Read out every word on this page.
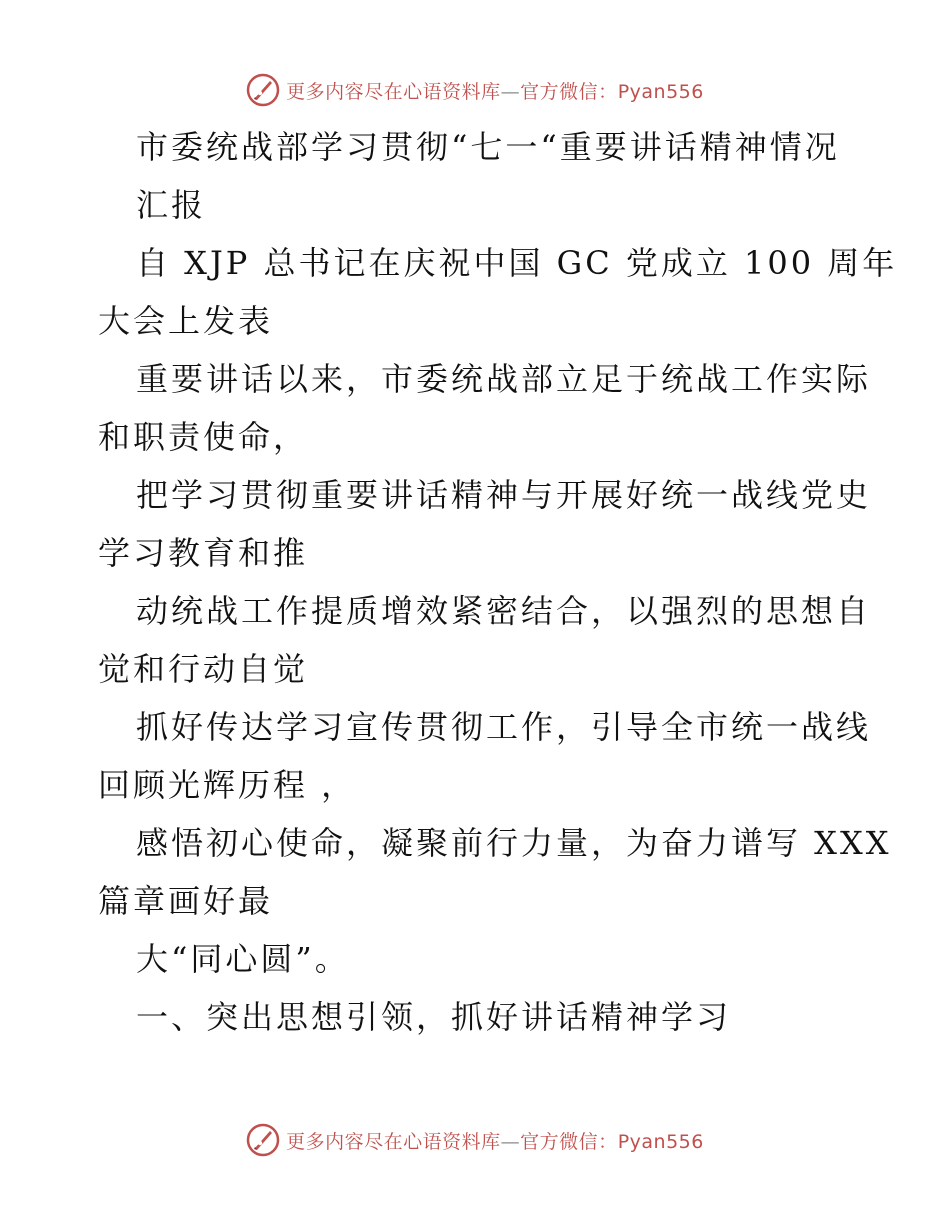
更多内容尽在心语资料库—官方微信：Pyan556
市委统战部学习贯彻“七一“重要讲话精神情况
汇报
自 XJP 总书记在庆祝中国 GC 党成立 100 周年
大会上发表
重要讲话以来，市委统战部立足于统战工作实际
和职责使命，
把学习贯彻重要讲话精神与开展好统一战线党史
学习教育和推
动统战工作提质增效紧密结合，以强烈的思想自
觉和行动自觉
抓好传达学习宣传贯彻工作，引导全市统一战线
回顾光辉历程 ，
感悟初心使命，凝聚前行力量，为奋力谱写 XXX
篇章画好最
大“同心圆”。
一、突出思想引领，抓好讲话精神学习
更多内容尽在心语资料库—官方微信：Pyan556
